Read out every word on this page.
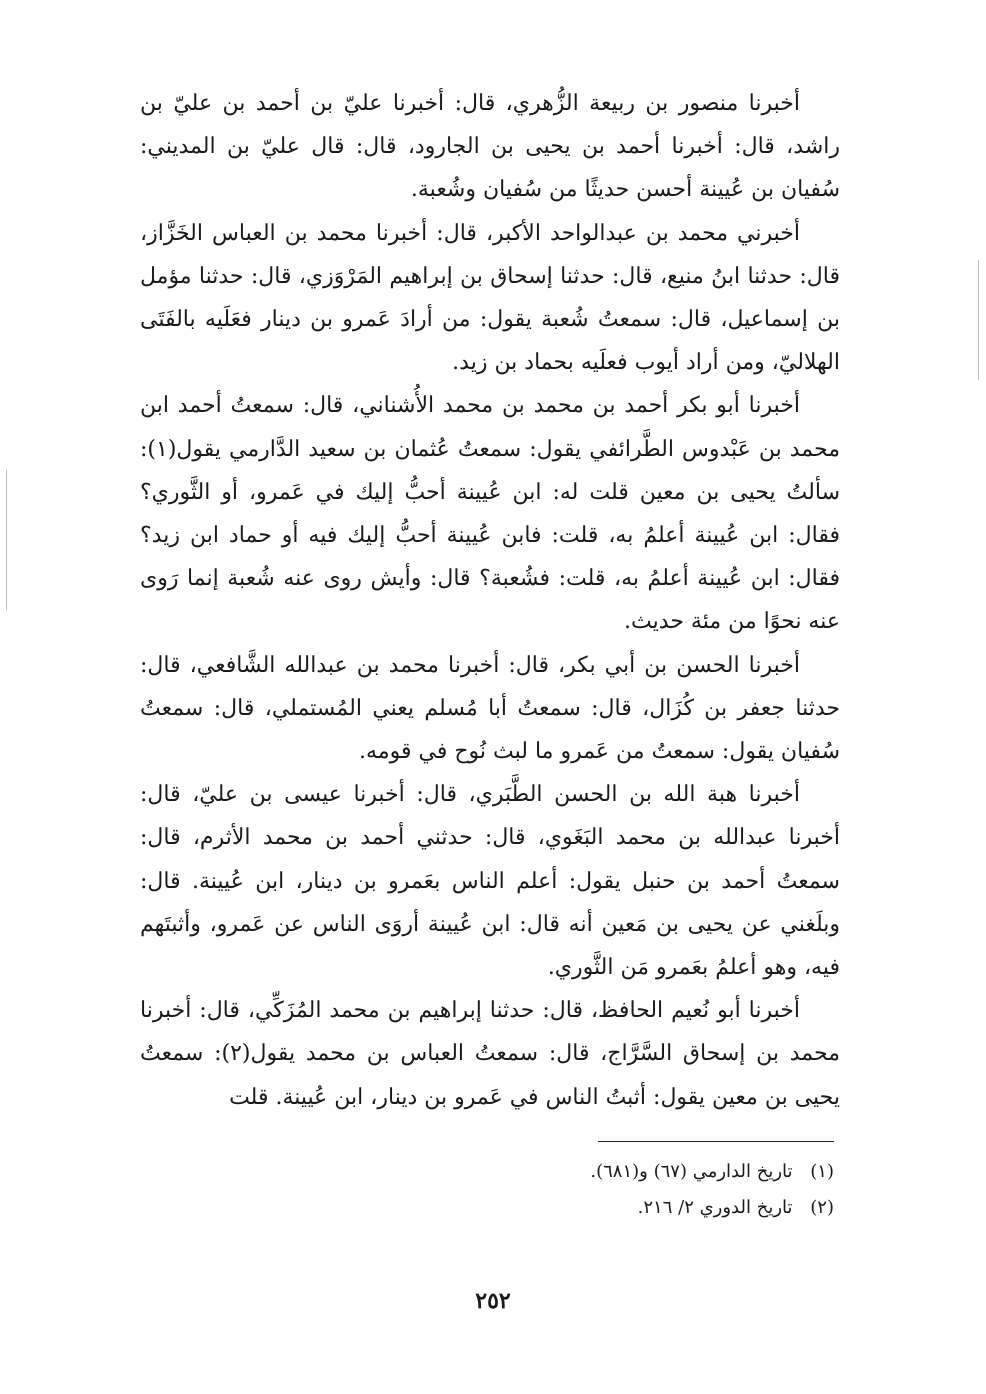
أخبرنا منصور بن ربيعة الزُّهري، قال: أخبرنا عليّ بن أحمد بن عليّ بن راشد، قال: أخبرنا أحمد بن يحيى بن الجارود، قال: قال عليّ بن المديني: سُفيان بن عُيينة أحسن حديثًا من سُفيان وشُعبة.

أخبرني محمد بن عبدالواحد الأكبر، قال: أخبرنا محمد بن العباس الخَزَّاز، قال: حدثنا ابنُ منيع، قال: حدثنا إسحاق بن إبراهيم المَرْوَزي، قال: حدثنا مؤمل بن إسماعيل، قال: سمعتُ شُعبة يقول: من أرادَ عَمرو بن دينار فعَلَيه بالفَتَى الهلاليّ، ومن أراد أيوب فعلَيه بحماد بن زيد.

أخبرنا أبو بكر أحمد بن محمد بن محمد الأُشناني، قال: سمعتُ أحمد ابن محمد بن عَبْدوس الطَّرائفي يقول: سمعتُ عُثمان بن سعيد الدَّارمي يقول(١): سألتُ يحيى بن معين قلت له: ابن عُيينة أحبُّ إليك في عَمرو، أو الثَّوري؟ فقال: ابن عُيينة أعلمُ به، قلت: فابن عُيينة أحبُّ إليك فيه أو حماد ابن زيد؟ فقال: ابن عُيينة أعلمُ به، قلت: فشُعبة؟ قال: وأيش روى عنه شُعبة إنما رَوى عنه نحوًا من مئة حديث.

أخبرنا الحسن بن أبي بكر، قال: أخبرنا محمد بن عبدالله الشَّافعي، قال: حدثنا جعفر بن كُزَال، قال: سمعتُ أبا مُسلم يعني المُستملي، قال: سمعتُ سُفيان يقول: سمعتُ من عَمرو ما لبث نُوح في قومه.

أخبرنا هبة الله بن الحسن الطَّبَري، قال: أخبرنا عيسى بن عليّ، قال: أخبرنا عبدالله بن محمد البَغَوي، قال: حدثني أحمد بن محمد الأثرم، قال: سمعتُ أحمد بن حنبل يقول: أعلم الناس بعَمرو بن دينار، ابن عُيينة. قال: وبلَغني عن يحيى بن مَعين أنه قال: ابن عُيينة أروَى الناس عن عَمرو، وأثبتَهم فيه، وهو أعلمُ بعَمرو مَن الثَّوري.

أخبرنا أبو نُعيم الحافظ، قال: حدثنا إبراهيم بن محمد المُزَكِّي، قال: أخبرنا محمد بن إسحاق السَّرَّاج، قال: سمعتُ العباس بن محمد يقول(٢): سمعتُ يحيى بن معين يقول: أثبتُ الناس في عَمرو بن دينار، ابن عُيينة. قلت

(١) تاريخ الدارمي (٦٧) و(٦٨١).

(٢) تاريخ الدوري ٢/ ٢١٦.

٢٥٢
